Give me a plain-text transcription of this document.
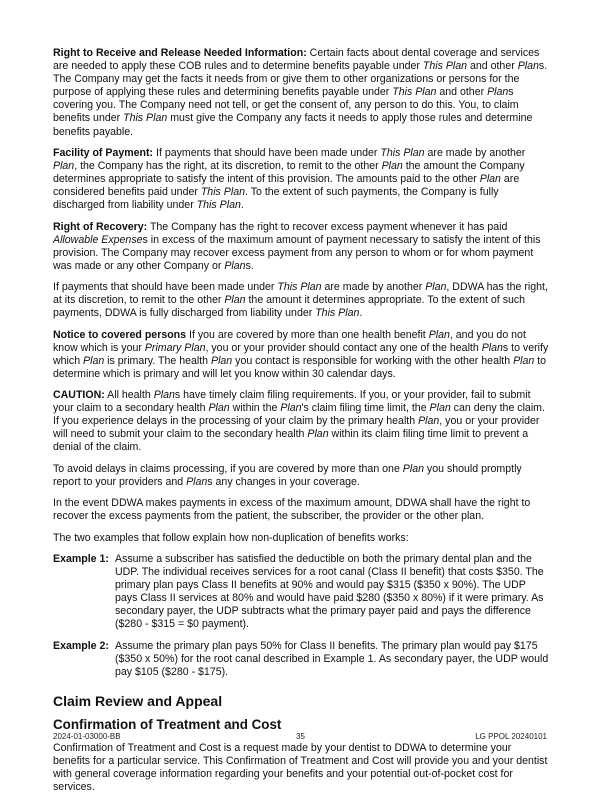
Right to Receive and Release Needed Information: Certain facts about dental coverage and services are needed to apply these COB rules and to determine benefits payable under This Plan and other Plans. The Company may get the facts it needs from or give them to other organizations or persons for the purpose of applying these rules and determining benefits payable under This Plan and other Plans covering you. The Company need not tell, or get the consent of, any person to do this. You, to claim benefits under This Plan must give the Company any facts it needs to apply those rules and determine benefits payable.

Facility of Payment: If payments that should have been made under This Plan are made by another Plan, the Company has the right, at its discretion, to remit to the other Plan the amount the Company determines appropriate to satisfy the intent of this provision. The amounts paid to the other Plan are considered benefits paid under This Plan. To the extent of such payments, the Company is fully discharged from liability under This Plan.

Right of Recovery: The Company has the right to recover excess payment whenever it has paid Allowable Expenses in excess of the maximum amount of payment necessary to satisfy the intent of this provision. The Company may recover excess payment from any person to whom or for whom payment was made or any other Company or Plans.

If payments that should have been made under This Plan are made by another Plan, DDWA has the right, at its discretion, to remit to the other Plan the amount it determines appropriate. To the extent of such payments, DDWA is fully discharged from liability under This Plan.

Notice to covered persons If you are covered by more than one health benefit Plan, and you do not know which is your Primary Plan, you or your provider should contact any one of the health Plans to verify which Plan is primary. The health Plan you contact is responsible for working with the other health Plan to determine which is primary and will let you know within 30 calendar days.

CAUTION: All health Plans have timely claim filing requirements. If you, or your provider, fail to submit your claim to a secondary health Plan within the Plan's claim filing time limit, the Plan can deny the claim. If you experience delays in the processing of your claim by the primary health Plan, you or your provider will need to submit your claim to the secondary health Plan within its claim filing time limit to prevent a denial of the claim.

To avoid delays in claims processing, if you are covered by more than one Plan you should promptly report to your providers and Plans any changes in your coverage.

In the event DDWA makes payments in excess of the maximum amount, DDWA shall have the right to recover the excess payments from the patient, the subscriber, the provider or the other plan.

The two examples that follow explain how non-duplication of benefits works:

Example 1: Assume a subscriber has satisfied the deductible on both the primary dental plan and the UDP. The individual receives services for a root canal (Class II benefit) that costs $350. The primary plan pays Class II benefits at 90% and would pay $315 ($350 x 90%). The UDP pays Class II services at 80% and would have paid $280 ($350 x 80%) if it were primary. As secondary payer, the UDP subtracts what the primary payer paid and pays the difference ($280 - $315 = $0 payment).
Example 2: Assume the primary plan pays 50% for Class II benefits. The primary plan would pay $175 ($350 x 50%) for the root canal described in Example 1. As secondary payer, the UDP would pay $105 ($280 - $175).
Claim Review and Appeal
Confirmation of Treatment and Cost

Confirmation of Treatment and Cost is a request made by your dentist to DDWA to determine your benefits for a particular service. This Confirmation of Treatment and Cost will provide you and your dentist with general coverage information regarding your benefits and your potential out-of-pocket cost for services.

2024-01-03000-BB	35	LG PPOL 20240101
